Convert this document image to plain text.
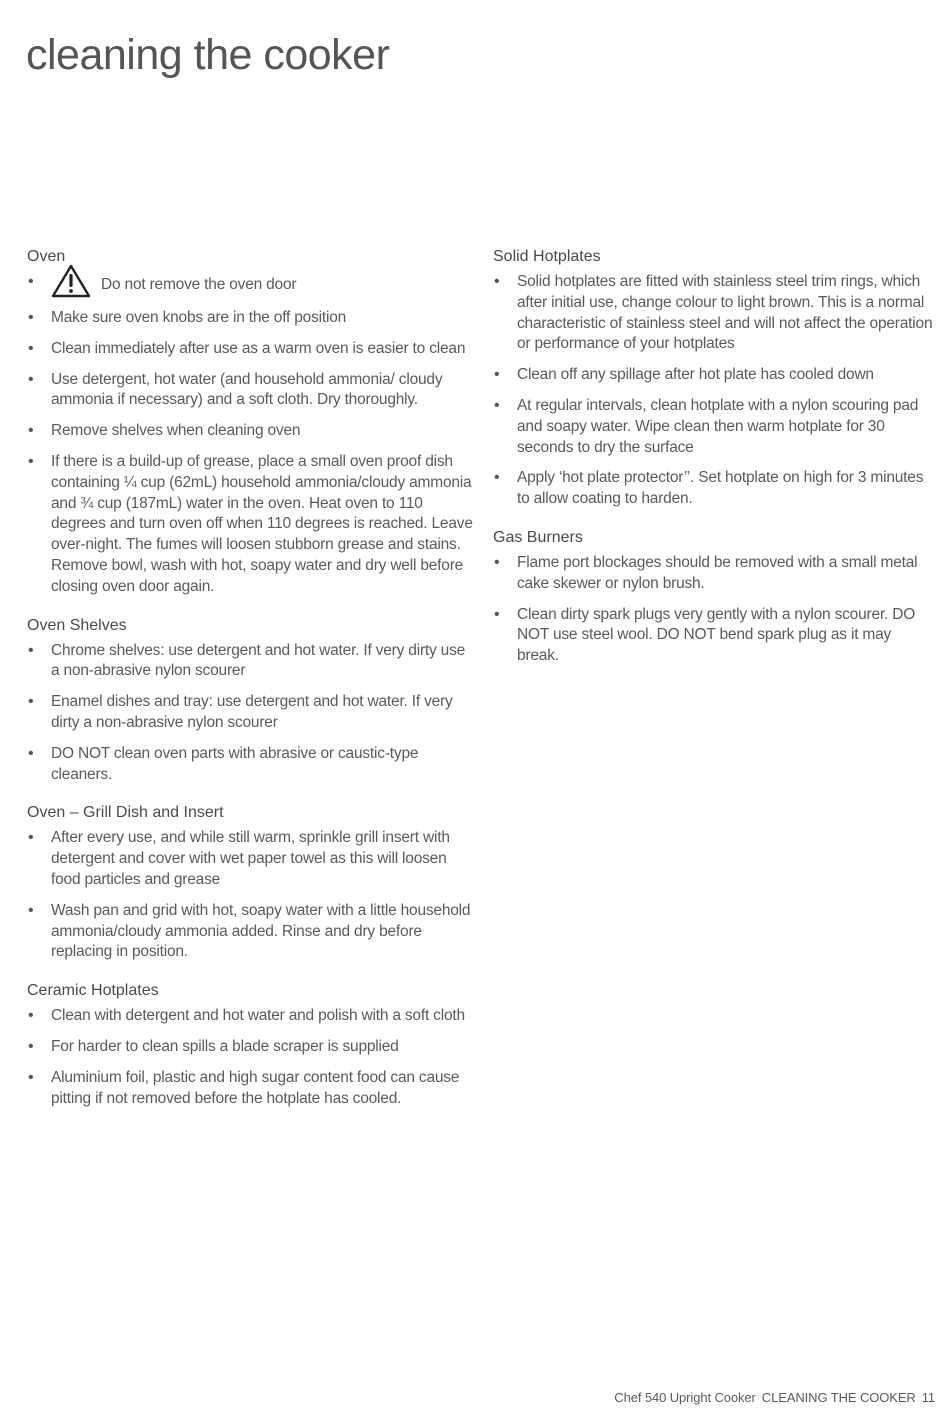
cleaning the cooker
Oven
•	Do not remove the oven door
• Make sure oven knobs are in the off position
• Clean immediately after use as a warm oven is easier to clean
• Use detergent, hot water (and household ammonia/ cloudy ammonia if necessary) and a soft cloth. Dry thoroughly.
• Remove shelves when cleaning oven
• If there is a build-up of grease, place a small oven proof dish containing ¼ cup (62mL) household ammonia/cloudy ammonia and ¾ cup (187mL) water in the oven. Heat oven to 110 degrees and turn oven off when 110 degrees is reached. Leave over-night. The fumes will loosen stubborn grease and stains. Remove bowl, wash with hot, soapy water and dry well before closing oven door again.
Oven Shelves
• Chrome shelves: use detergent and hot water. If very dirty use a non-abrasive nylon scourer
• Enamel dishes and tray: use detergent and hot water. If very dirty a non-abrasive nylon scourer
• DO NOT clean oven parts with abrasive or caustic-type cleaners.
Oven – Grill Dish and Insert
• After every use, and while still warm, sprinkle grill insert with detergent and cover with wet paper towel as this will loosen food particles and grease
• Wash pan and grid with hot, soapy water with a little household ammonia/cloudy ammonia added. Rinse and dry before replacing in position.
Ceramic Hotplates
• Clean with detergent and hot water and polish with a soft cloth
• For harder to clean spills a blade scraper is supplied
• Aluminium foil, plastic and high sugar content food can cause pitting if not removed before the hotplate has cooled.
Solid Hotplates
• Solid hotplates are fitted with stainless steel trim rings, which after initial use, change colour to light brown. This is a normal characteristic of stainless steel and will not affect the operation or performance of your hotplates
• Clean off any spillage after hot plate has cooled down
• At regular intervals, clean hotplate with a nylon scouring pad and soapy water. Wipe clean then warm hotplate for 30 seconds to dry the surface
• Apply ‘hot plate protector’’. Set hotplate on high for 3 minutes to allow coating to harden.
Gas Burners
• Flame port blockages should be removed with a small metal cake skewer or nylon brush.
• Clean dirty spark plugs very gently with a nylon scourer. DO NOT use steel wool. DO NOT bend spark plug as it may break.
Chef 540 Upright Cooker CLEANING THE COOKER 11
